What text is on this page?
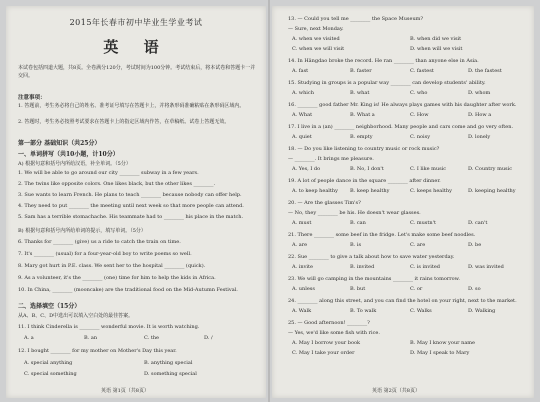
2015年长春市初中毕业生学业考试
英 语
本试卷包括四道大题，共8页。全卷满分120分，考试时间为100分钟。考试结束后，将本试卷和答题卡一并交回。
注意事项：
1. 答题前，考生务必将自己的姓名、准考证号填写在答题卡上，并将条形码准确粘贴在条形码区域内。
2. 答题时，考生务必按照考试要求在答题卡上的指定区域内作答，在草稿纸、试卷上答题无效。
第一部分 基础知识（共25分）
一、单词拼写（共10小题，计10分）
A) 根据句意和括号内所给汉语，补全单词。（5分）
1. We will be able to go around our city ________ subway in a few years.
2. The twins like opposite colors. One likes black, but the other likes ________.
3. Sue wants to learn French. He plans to teach ________ because nobody can offer help.
4. They need to put ________ the meeting until next week so that more people can attend.
5. Sam has a terrible stomachache. His teammate had to ________ his place in the match.
B) 根据句意和括号内所给单词的提示，填写单词。（5分）
6. Thanks for ________ (give) us a ride to catch the train on time.
7. It's ________ (usual) for a four-year-old boy to write poems so well.
8. Mary got hurt in P.E. class. We sent her to the hospital ________ (quick).
9. As a volunteer, it's the ________ (one) time for him to help the kids in Africa.
10. In China, ________ (mooncake) are the traditional food on the Mid-Autumn Festival.
二、选择填空（15分）
从A、B、C、D中选出可以填入空白处的最佳答案。
11. I think Cinderella is ________ wonderful movie. It is worth watching.
A. a	B. an	C. the	D. /
12. I bought ________ for my mother on Mother's Day this year.
A. special anything	B. anything special
C. special something	D. something special
英语 第1页（共8页）
13. — Could you tell me ________ the Space Museum?
— Sure, next Monday.
A. when we visited	B. when did we visit
C. when we will visit	D. when will we visit
14. In Hängdao broke the record. He ran ________ than anyone else in Asia.
A. fast	B. faster	C. fastest	D. the fastest
15. Studying in groups is a popular way ________ can develop students' ability.
A. which	B. what	C. who	D. whom
16. ________ good father Mr. King is! He always plays games with his daughter after work.
A. What	B. What a	C. How	D. How a
17. I live in a (an) ________ neighborhood. Many people and cars come and go very often.
A. quiet	B. empty	C. noisy	D. lonely
18. — Do you like listening to country music or rock music?
— ________. It brings me pleasure.
A. Yes, I do	B. No, I don't	C. I like music	D. Country music
19. A lot of people dance in the square ________ after dinner.
A. to keep healthy B. keep healthy	C. keeps healthy	D. keeping healthy
20. — Are the glasses Tim's?
— No, they ________ be his. He doesn't wear glasses.
A. must	B. can	C. mustn't	D. can't
21. There ________ some beef in the fridge. Let's make some beef noodles.
A. are	B. is	C. are	D. be
22. Sue ________ to give a talk about how to save water yesterday.
A. invite	B. invited	C. is invited	D. was invited
23. We will go camping in the mountains ________ it rains tomorrow.
A. unless	B. but	C. or	D. so
24. ________ along this street, and you can find the hotel on your right, next to the market.
A. Walk	B. To walk	C. Walks	D. Walking
25. — Good afternoon! ________?
— Yes, we'd like some fish with rice.
A. May I borrow your book	B. May I know your name
C. May I take your order	D. May I speak to Mary
英语 第2页（共8页）
